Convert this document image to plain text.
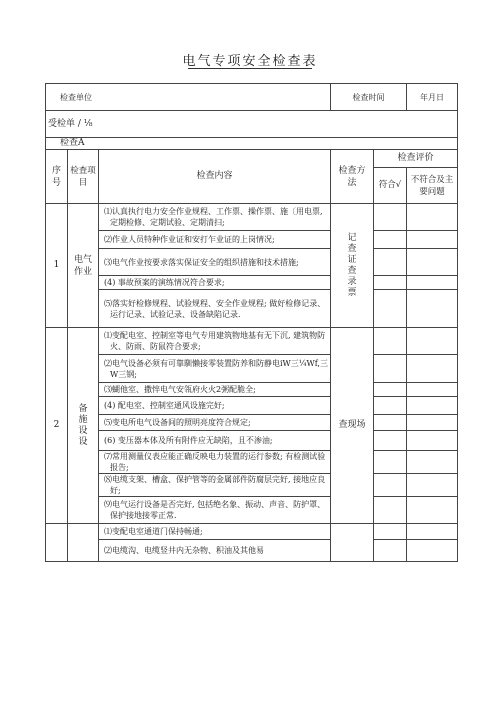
电气专项安全检查表
检查单位			检查时间		年月日
受检单 / ⅛					
检查A					

序号	检査项目	检查内容	检查方法	检查评价	
				符合√	不符合及主要问题

1	电气作业	⑴认真执行电力安全作业规程、工作票、操作票、施〔用电票, 定期检修、定期试验、定期清扫;	记查证查录票		

		⑵作业人员特种作业证和安打乍业证的上岗情况;			

		⑶电气作业按要求落实保证安全的组织措施和技术措施;			

		(4) 事故预案的演练情况符合要求;			

		⑸落实好检修规程、试验规程、安全作业规程; 做好检修记录、运行记录、试验记录、设备缺陷记录.			

2	备施设设	⑴变配电室、控制室等电气专用建筑物地基有无下沉, 建筑物防火、防雨、防鼠符合要求;	查现场		

		⑵电气设备必须有可靠馴懒接零装置防养和防静电iW三¼Wf,三W三钢;			

		⑶蝴他室、撒悴电气安瓴府火火2粥配脆全;			

		(4) 配电室、控制室通风设施完好;			

		⑸变电所电气设备间的照明亮度符合规定;			

		(6) 变压器本体及所有附件应无缺陷，且不渗油;			

		⑺常用测量仪表应能正确反映电力装置的运行参数; 有检测试验报告;			

		⑻电缆支架、槽盒、保护管等的金属部件防腐层完好, 接地应良好;			

		⑼电气运行设备是否完好, 包括绝名象、振动、声音、防护罩、保护接地接零正常.			

		⑴变配电室通道门保持畅通;			

		⑵电缆沟、电缆竖井内无杂物、积油及其他易			
